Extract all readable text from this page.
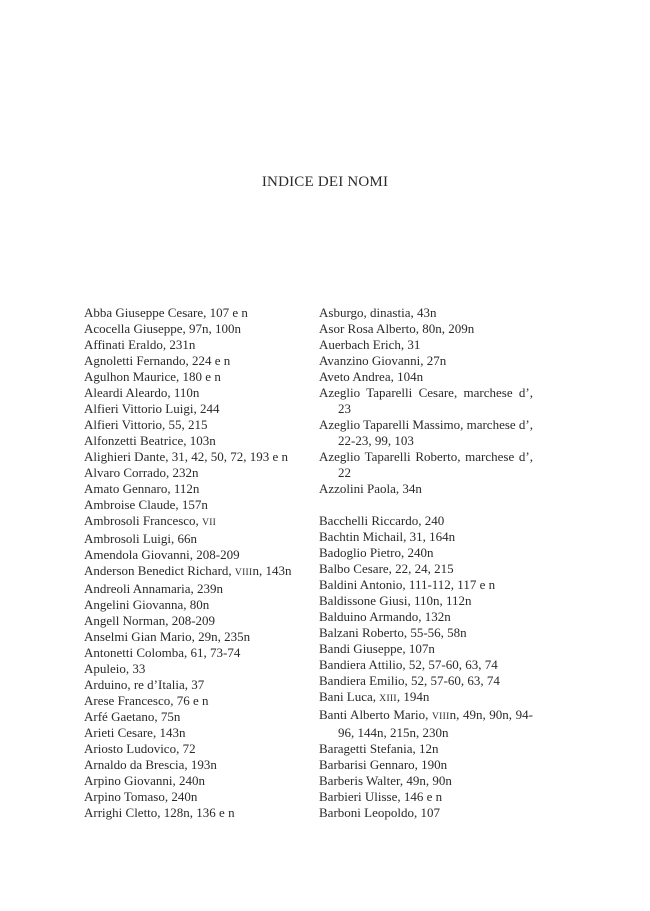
INDICE DEI NOMI
Abba Giuseppe Cesare, 107 e n
Acocella Giuseppe, 97n, 100n
Affinati Eraldo, 231n
Agnoletti Fernando, 224 e n
Agulhon Maurice, 180 e n
Aleardi Aleardo, 110n
Alfieri Vittorio Luigi, 244
Alfieri Vittorio, 55, 215
Alfonzetti Beatrice, 103n
Alighieri Dante, 31, 42, 50, 72, 193 e n
Alvaro Corrado, 232n
Amato Gennaro, 112n
Ambroise Claude, 157n
Ambrosoli Francesco, VII
Ambrosoli Luigi, 66n
Amendola Giovanni, 208-209
Anderson Benedict Richard, VIIIn, 143n
Andreoli Annamaria, 239n
Angelini Giovanna, 80n
Angell Norman, 208-209
Anselmi Gian Mario, 29n, 235n
Antonetti Colomba, 61, 73-74
Apuleio, 33
Arduino, re d’Italia, 37
Arese Francesco, 76 e n
Arfé Gaetano, 75n
Arieti Cesare, 143n
Ariosto Ludovico, 72
Arnaldo da Brescia, 193n
Arpino Giovanni, 240n
Arpino Tomaso, 240n
Arrighi Cletto, 128n, 136 e n
Asburgo, dinastia, 43n
Asor Rosa Alberto, 80n, 209n
Auerbach Erich, 31
Avanzino Giovanni, 27n
Aveto Andrea, 104n
Azeglio Taparelli Cesare, marchese d’, 23
Azeglio Taparelli Massimo, marchese d’, 22-23, 99, 103
Azeglio Taparelli Roberto, marchese d’, 22
Azzolini Paola, 34n
Bacchelli Riccardo, 240
Bachtin Michail, 31, 164n
Badoglio Pietro, 240n
Balbo Cesare, 22, 24, 215
Baldini Antonio, 111-112, 117 e n
Baldissone Giusi, 110n, 112n
Balduino Armando, 132n
Balzani Roberto, 55-56, 58n
Bandi Giuseppe, 107n
Bandiera Attilio, 52, 57-60, 63, 74
Bandiera Emilio, 52, 57-60, 63, 74
Bani Luca, XIII, 194n
Banti Alberto Mario, VIIIn, 49n, 90n, 94-96, 144n, 215n, 230n
Baragetti Stefania, 12n
Barbarisi Gennaro, 190n
Barberis Walter, 49n, 90n
Barbieri Ulisse, 146 e n
Barboni Leopoldo, 107
